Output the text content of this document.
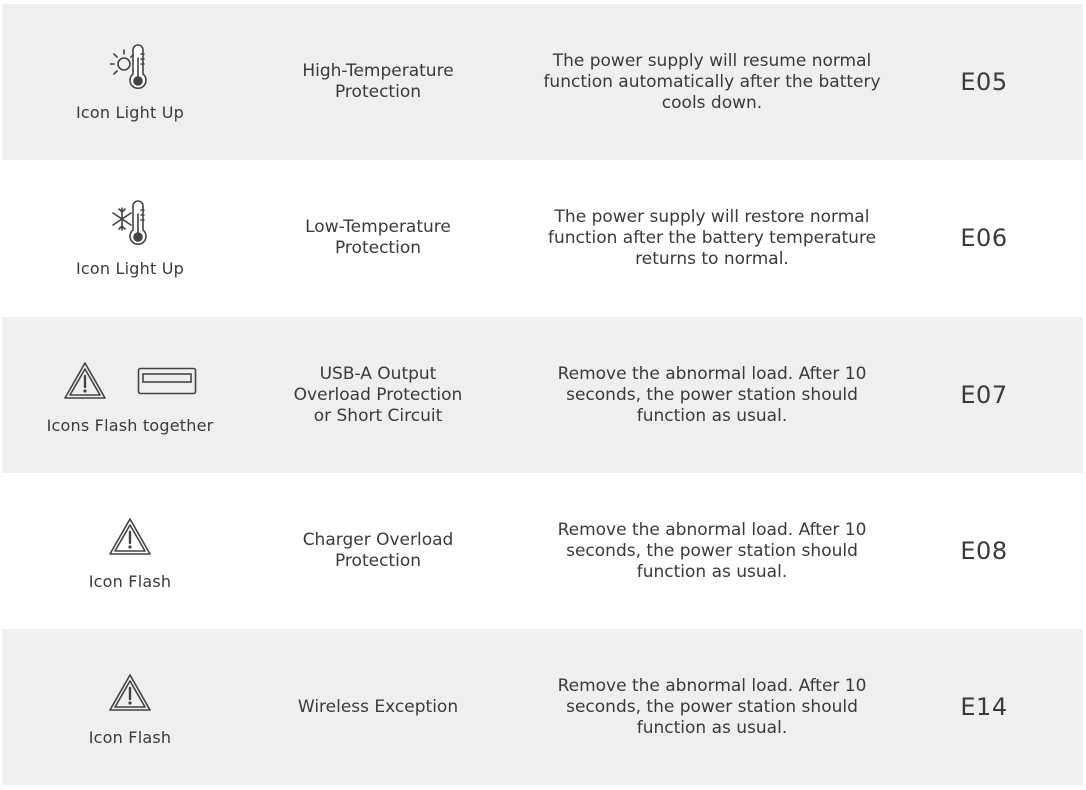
Icon Light Up
High-Temperature
Protection
The power supply will resume normal
function automatically after the battery
cools down.
E05
Icon Light Up
Low-Temperature
Protection
The power supply will restore normal
function after the battery temperature
returns to normal.
E06
Icons Flash together
USB-A Output
Overload Protection
or Short Circuit
Remove the abnormal load. After 10
seconds, the power station should
function as usual.
E07
Icon Flash
Charger Overload
Protection
Remove the abnormal load. After 10
seconds, the power station should
function as usual.
E08
Icon Flash
Wireless Exception
Remove the abnormal load. After 10
seconds, the power station should
function as usual.
E14
